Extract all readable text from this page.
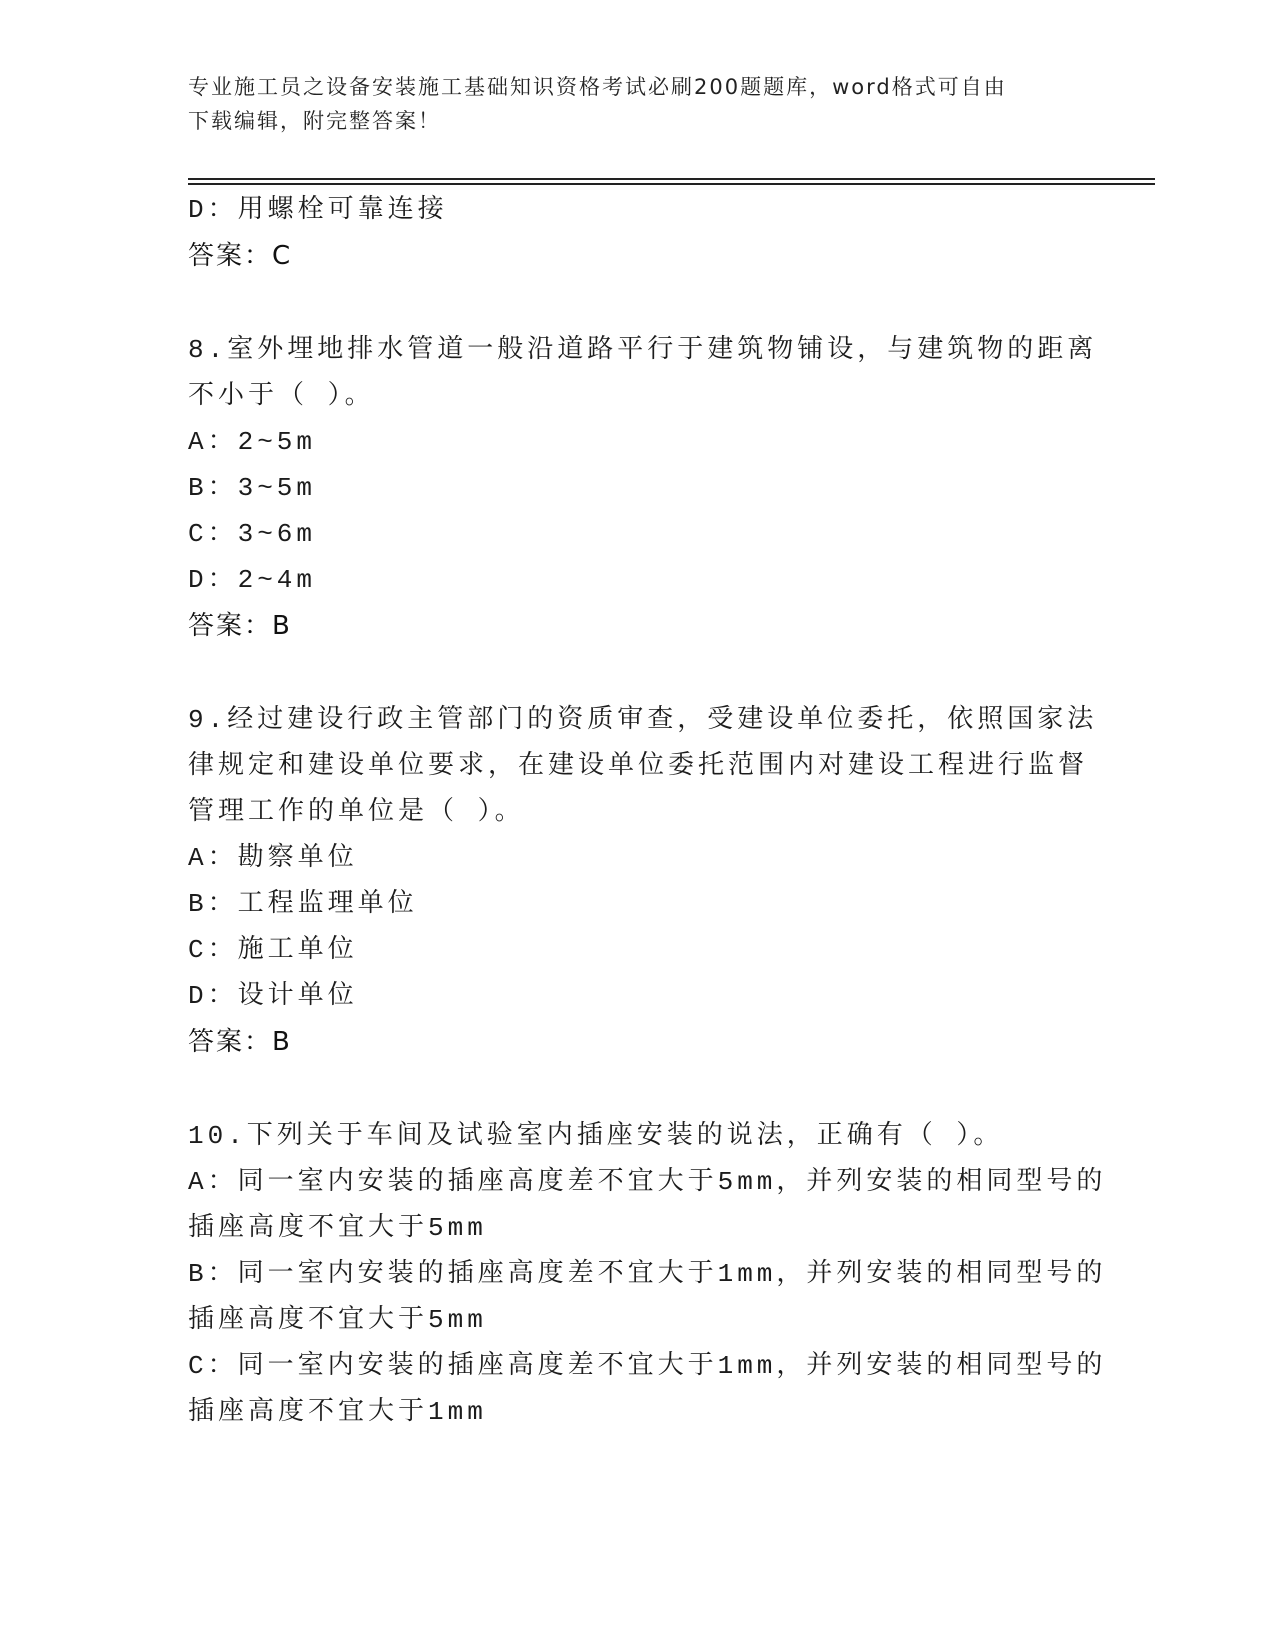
专业施工员之设备安装施工基础知识资格考试必刷200题题库，word格式可自由
下载编辑，附完整答案！
D：用螺栓可靠连接
答案：C
8.室外埋地排水管道一般沿道路平行于建筑物铺设，与建筑物的距离
不小于（ ）。
A：2~5m
B：3~5m
C：3~6m
D：2~4m
答案：B
9.经过建设行政主管部门的资质审查，受建设单位委托，依照国家法
律规定和建设单位要求，在建设单位委托范围内对建设工程进行监督
管理工作的单位是（ ）。
A：勘察单位
B：工程监理单位
C：施工单位
D：设计单位
答案：B
10.下列关于车间及试验室内插座安装的说法，正确有（ ）。
A：同一室内安装的插座高度差不宜大于5mm，并列安装的相同型号的
插座高度不宜大于5mm
B：同一室内安装的插座高度差不宜大于1mm，并列安装的相同型号的
插座高度不宜大于5mm
C：同一室内安装的插座高度差不宜大于1mm，并列安装的相同型号的
插座高度不宜大于1mm
